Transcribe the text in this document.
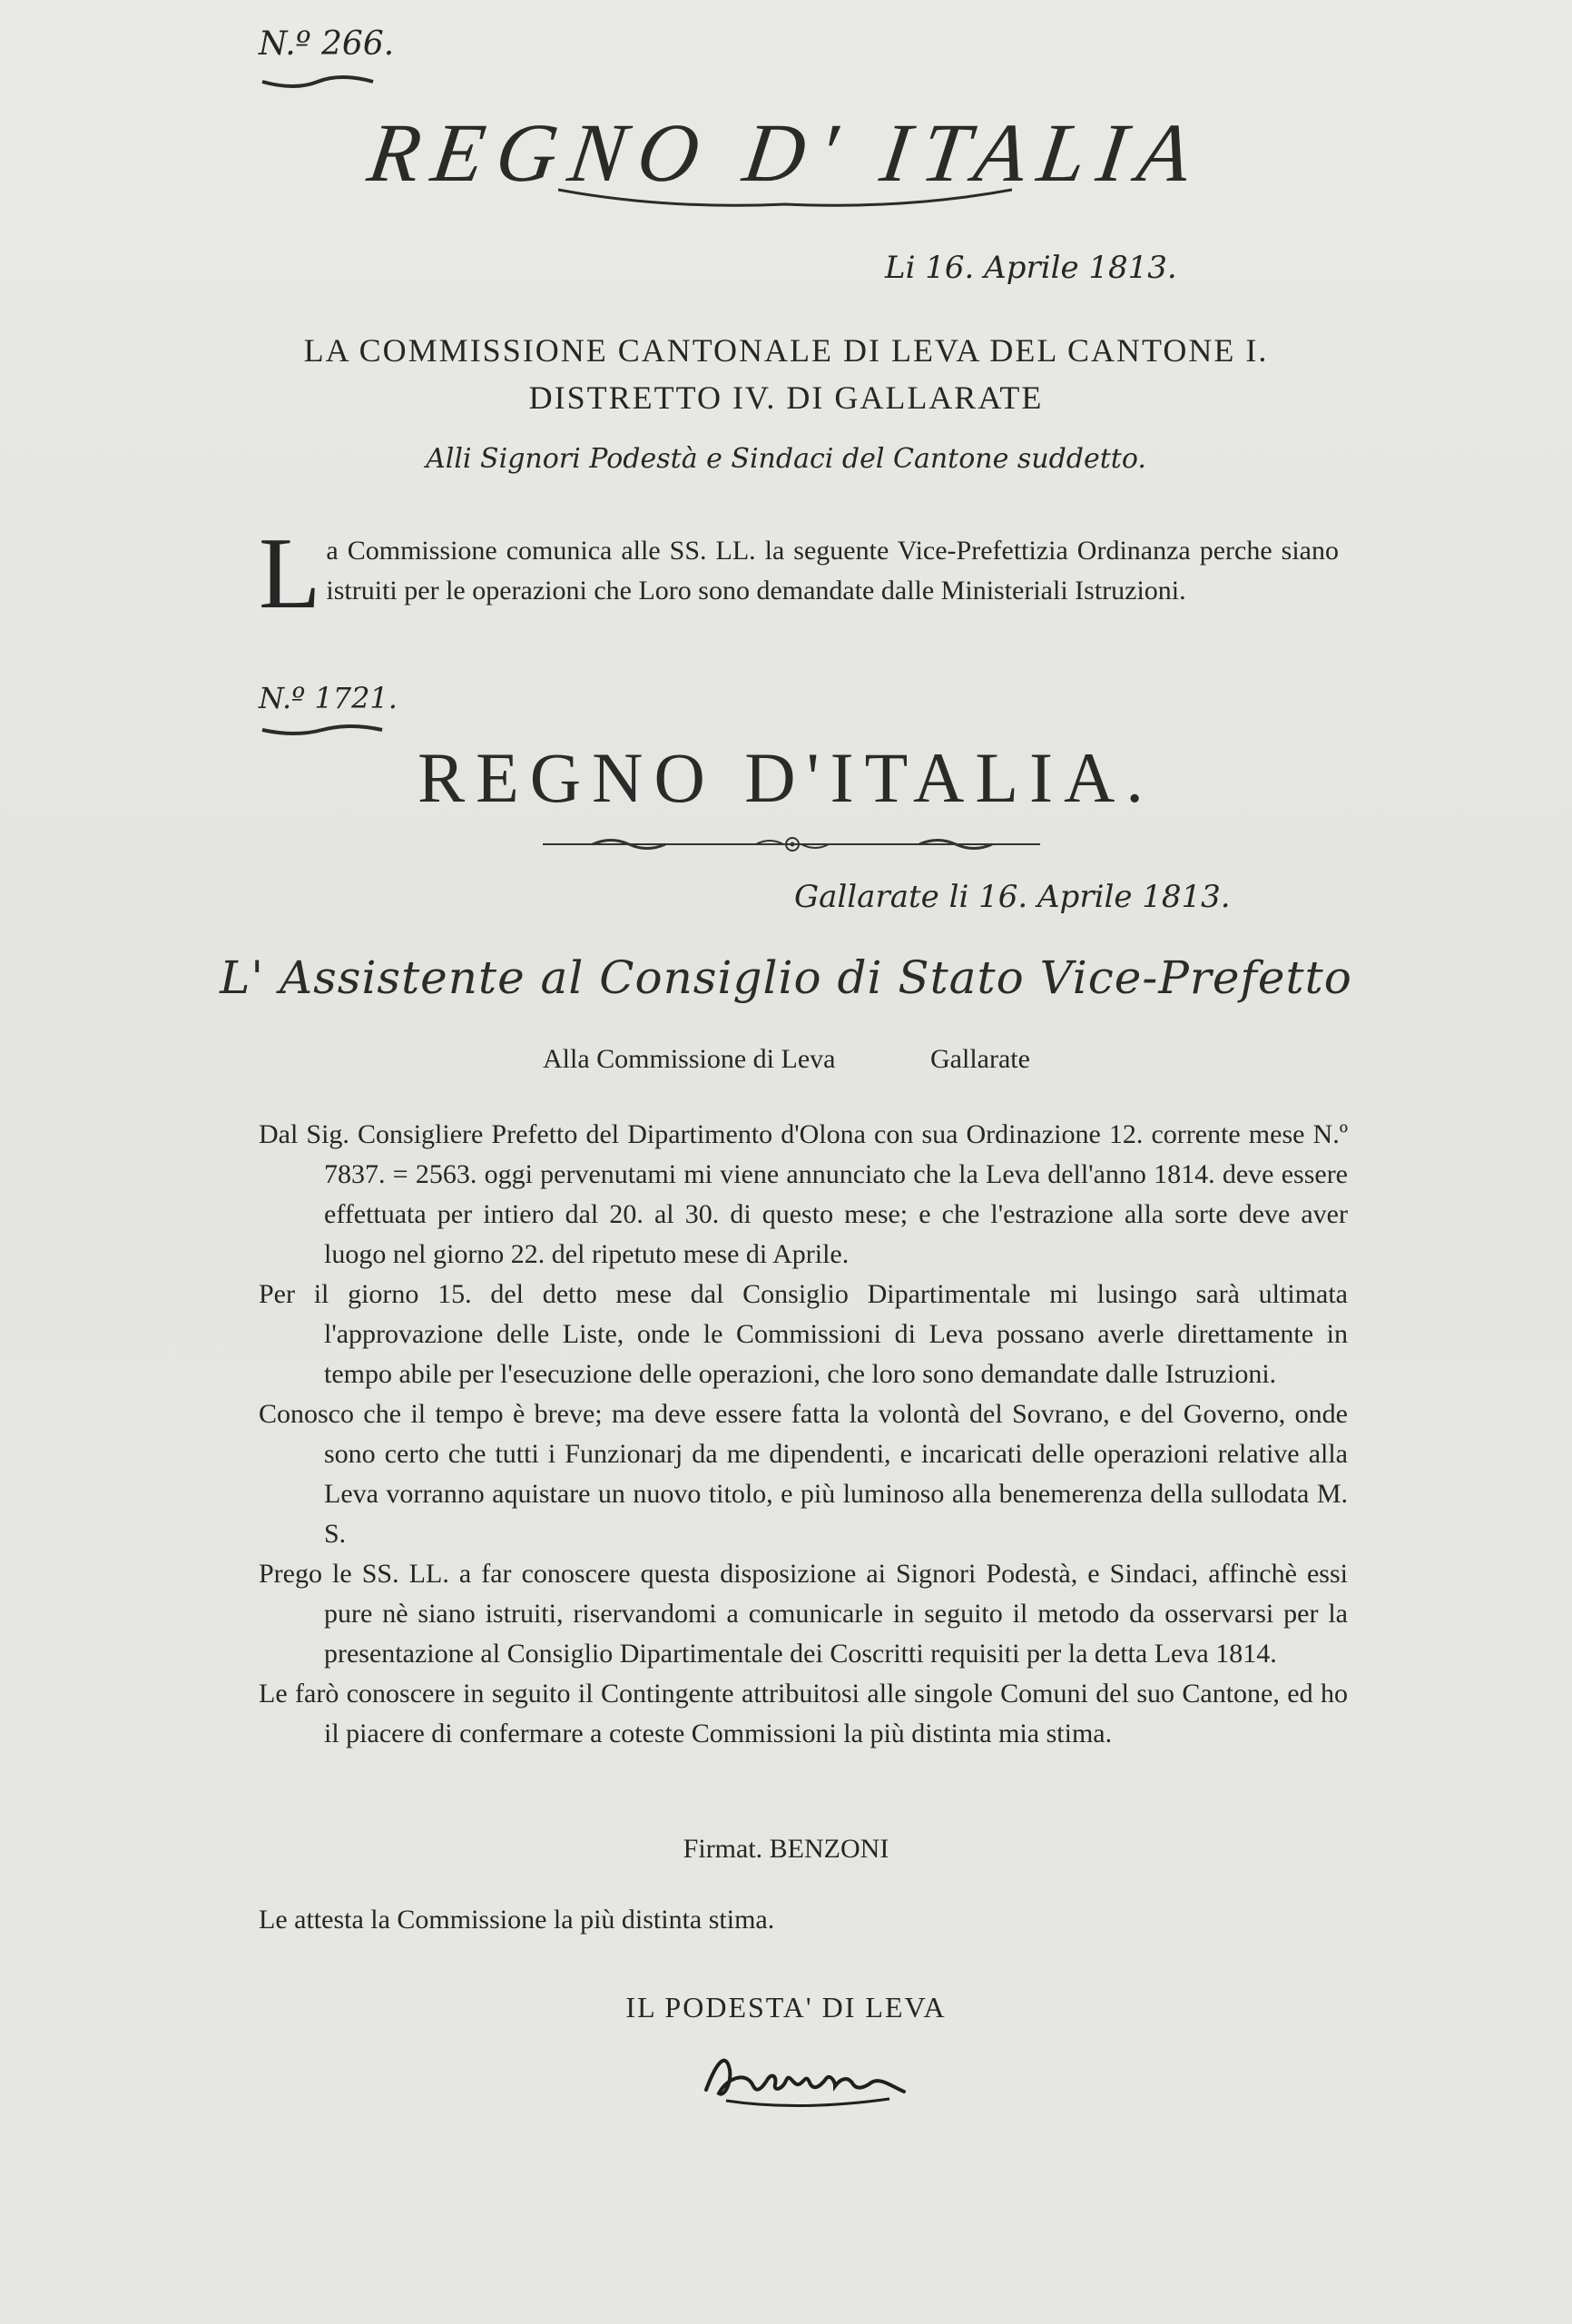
N.º 266.
REGNO D' ITALIA
Li 16. Aprile 1813.
LA COMMISSIONE CANTONALE DI LEVA DEL CANTONE I.
DISTRETTO IV. DI GALLARATE
Alli Signori Podestà e Sindaci del Cantone suddetto.
La Commissione comunica alle SS. LL. la seguente Vice-Prefettizia Ordinanza perche siano istruiti per le operazioni che Loro sono demandate dalle Ministeriali Istruzioni.
N.º 1721.
REGNO D'ITALIA.
Gallarate li 16. Aprile 1813.
L' Assistente al Consiglio di Stato Vice-Prefetto
Alla Commissione di Leva	Gallarate

Dal Sig. Consigliere Prefetto del Dipartimento d'Olona con sua Ordinazione 12. corrente mese N.º 7837. = 2563. oggi pervenutami mi viene annunciato che la Leva dell'anno 1814. deve essere effettuata per intiero dal 20. al 30. di questo mese; e che l'estrazione alla sorte deve aver luogo nel giorno 22. del ripetuto mese di Aprile.

Per il giorno 15. del detto mese dal Consiglio Dipartimentale mi lusingo sarà ultimata l'approvazione delle Liste, onde le Commissioni di Leva possano averle direttamente in tempo abile per l'esecuzione delle operazioni, che loro sono demandate dalle Istruzioni.

Conosco che il tempo è breve; ma deve essere fatta la volontà del Sovrano, e del Governo, onde sono certo che tutti i Funzionarj da me dipendenti, e incaricati delle operazioni relative alla Leva vorranno aquistare un nuovo titolo, e più luminoso alla benemerenza della sullodata M. S.

Prego le SS. LL. a far conoscere questa disposizione ai Signori Podestà, e Sindaci, affinchè essi pure nè siano istruiti, riservandomi a comunicarle in seguito il metodo da osservarsi per la presentazione al Consiglio Dipartimentale dei Coscritti requisiti per la detta Leva 1814.

Le farò conoscere in seguito il Contingente attribuitosi alle singole Comuni del suo Cantone, ed ho il piacere di confermare a coteste Commissioni la più distinta mia stima.

Firmat. BENZONI
Le attesta la Commissione la più distinta stima.
IL PODESTA' DI LEVA
